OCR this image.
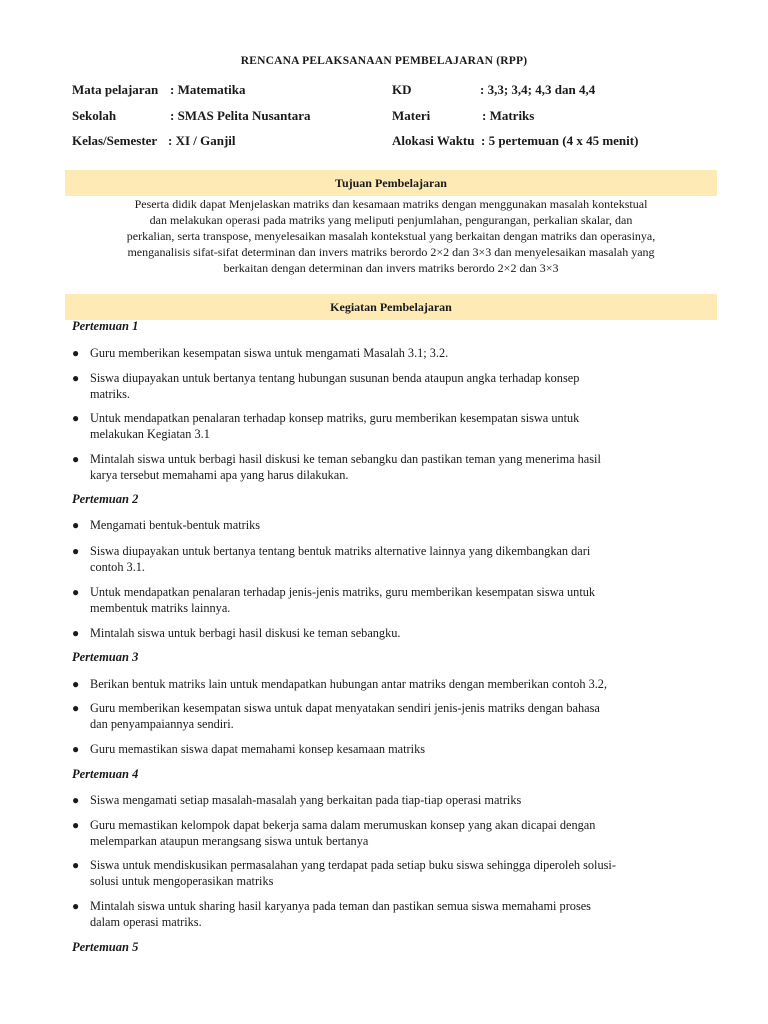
RENCANA PELAKSANAAN PEMBELAJARAN (RPP)
Mata pelajaran : Matematika	KD	: 3,3; 3,4; 4,3 dan 4,4
Sekolah	: SMAS Pelita Nusantara	Materi	: Matriks
Kelas/Semester : XI / Ganjil	Alokasi Waktu : 5 pertemuan (4 x 45 menit)
Tujuan Pembelajaran
Peserta didik dapat Menjelaskan matriks dan kesamaan matriks dengan menggunakan masalah kontekstual
dan melakukan operasi pada matriks yang meliputi penjumlahan, pengurangan, perkalian skalar, dan
perkalian, serta transpose, menyelesaikan masalah kontekstual yang berkaitan dengan matriks dan operasinya,
menganalisis sifat-sifat determinan dan invers matriks berordo 2×2 dan 3×3 dan menyelesaikan masalah yang
berkaitan dengan determinan dan invers matriks berordo 2×2 dan 3×3
Kegiatan Pembelajaran
Pertemuan 1
● Guru memberikan kesempatan siswa untuk mengamati Masalah 3.1; 3.2.
● Siswa diupayakan untuk bertanya tentang hubungan susunan benda ataupun angka terhadap konsep
matriks.
● Untuk mendapatkan penalaran terhadap konsep matriks, guru memberikan kesempatan siswa untuk
melakukan Kegiatan 3.1
● Mintalah siswa untuk berbagi hasil diskusi ke teman sebangku dan pastikan teman yang menerima hasil
karya tersebut memahami apa yang harus dilakukan.
Pertemuan 2
● Mengamati bentuk-bentuk matriks
● Siswa diupayakan untuk bertanya tentang bentuk matriks alternative lainnya yang dikembangkan dari
contoh 3.1.
● Untuk mendapatkan penalaran terhadap jenis-jenis matriks, guru memberikan kesempatan siswa untuk
membentuk matriks lainnya.
● Mintalah siswa untuk berbagi hasil diskusi ke teman sebangku.
Pertemuan 3
● Berikan bentuk matriks lain untuk mendapatkan hubungan antar matriks dengan memberikan contoh 3.2,
● Guru memberikan kesempatan siswa untuk dapat menyatakan sendiri jenis-jenis matriks dengan bahasa
dan penyampaiannya sendiri.
● Guru memastikan siswa dapat memahami konsep kesamaan matriks
Pertemuan 4
● Siswa mengamati setiap masalah-masalah yang berkaitan pada tiap-tiap operasi matriks
● Guru memastikan kelompok dapat bekerja sama dalam merumuskan konsep yang akan dicapai dengan
melemparkan ataupun merangsang siswa untuk bertanya
● Siswa untuk mendiskusikan permasalahan yang terdapat pada setiap buku siswa sehingga diperoleh solusi-
solusi untuk mengoperasikan matriks
● Mintalah siswa untuk sharing hasil karyanya pada teman dan pastikan semua siswa memahami proses
dalam operasi matriks.
Pertemuan 5
